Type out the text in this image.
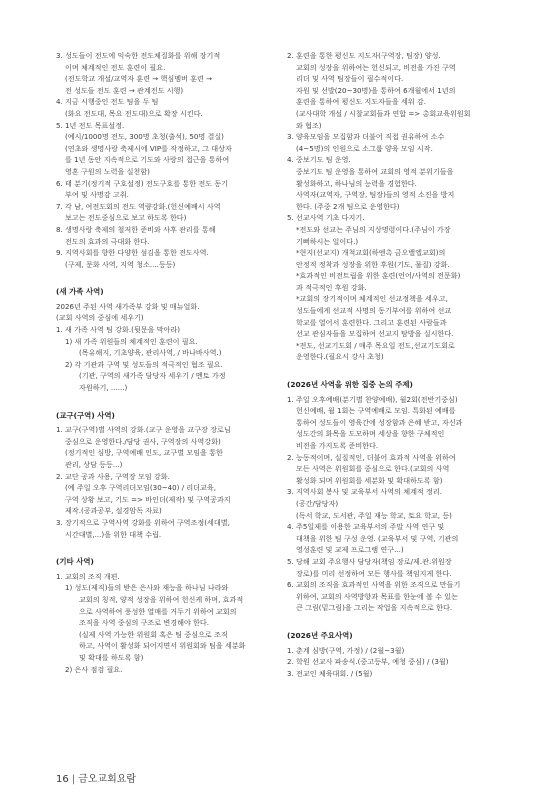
3. 성도들이 전도에 익숙한 전도체질화를 위해 장기적
이며 체계적인 전도 훈련이 필요.
(전도학교 개설/교역자 훈련 → 핵심멤버 훈련 →
전 성도들 전도 훈련 → 관계전도 시행)
4. 지금 시행중인 전도 팀을 두 팀
(화요 전도대, 목요 전도대)으로 확장 시킨다.
5. 1년 전도 목표설정.
(예시/1000명 전도, 300명 초청(출석), 50명 결실)
(연초와 생명사랑 축제시에 VIP를 작정하고, 그 대상자
를 1년 동안 지속적으로 기도와 사랑의 접근을 통하여
영혼 구원의 노력을 실천함)
6. 태 분기(정기적 구호설정) 전도구호를 통한 전도 동기
부여 및 사명감 고취.
7. 각 남, 여전도회의 전도 역량강화.(헌신예배시 사역
보고는 전도중심으로 보고 하도록 한다)
8. 생명사랑 축제의 철저한 준비와 사후 관리를 통해
전도의 효과의 극대화 한다.
9. 지역사회를 향한 다양한 섬김을 통한 전도사역.
(구제, 문화 사역, 지역 청소....등등)
(새 가족 사역)
2026년 주된 사역 새가족부 강화 및 매뉴얼화.
(교회 사역의 중심에 세우기)
1. 새 가족 사역 팀 강화.(뒷문을 막아라)
1) 새 가족 위원들의 체계적인 훈련이 필요.
(목유해지, 기초양육, 관리사역, / 바나바사역.)
2) 각 기관과 구역 및 성도들의 적극적인 협조 필요.
(기관, 구역의 새가족 담당자 세우기 / 멘토 가정
자원하기, ......)
(교구(구역) 사역)
1. 교구(구역)별 사역의 강화.(교구 운영을 교구장 장로님
중심으로 운영한다./담당 권사, 구역장의 사역강화)
(정기적인 심방, 구역예배 인도, 교구별 모임을 통한
관리, 상담 등등...)
2. 교단 공과 사용, 구역장 모임 강화.
(예 주일 오후 구역리더모임(30~40) / 리더교육,
구역 상황 보고, 기도 => 바인더(제작) 및 구역공과지
제작.(공과공부, 설경암독 자료)
3. 장기적으로 구역사역 강화를 위하여 구역조정(세대별,
시간대별,...)을 위한 대책 수립.
(기타 사역)
1. 교회의 조직 개편.
1) 성도(제직)들의 받은 은사와 재능을 하나님 나라와
교회의 칭적, 양적 성장을 위하여 헌신케 하며, 효과적
으로 사역하여 풍성한 열매를 거두기 위하여 교회의
조직을 사역 중심의 구조로 변경해야 한다.
(실제 사역 가능한 위원회 혹은 팀 중심으로 조직
하고, 사역이 활성화 되어지면서 위원회와 팀을 세분화
및 확대를 하도록 함)
2) 은사 점검 필요.
2. 훈련을 통한 평신도 지도자(구역장, 팀장) 양성.
교회의 성장을 위하여는 헌신되고, 비전을 가진 구역
리더 및 사역 팀장들이 필수적이다.
자원 및 선발(20~30명)을 통하여 6개월에서 1년의
훈련을 통하여 평신도 지도자들을 세워 감.
(교사대학 개설 / 시찰교회들과 연합 => 총회교육위원회
와 협조)
3. 양육모임을 모집함과 더불어 직접 권유하여 소수
(4~5명)의 인원으로 소그룹 양육 모임 시작.
4. 중보기도 팀 운영.
중보기도 팀 운영을 통하여 교회의 영적 분위기들을
활성화하고, 하나님의 능력을 경험한다.
사역자(교역자, 구역장, 팀장)들의 영적 소진을 방지
한다. (주중 2개 팀으로 운영한다)
5. 선교사역 기초 다지기.
*전도와 선교는 주님의 지상명령이다.(주님이 가장
기뻐하시는 일이다.)
*현지(선교지) 개척교회(하엔촉 금오밸엘교회)의
안정적 정착과 성장을 위한 후원(기도, 물질) 강화.
*효과적인 비전트립을 위한 훈련(언어/사역의 전문화)
과 적극적인 후원 강화.
*교회의 장기적이며 체계적인 선교정책을 세우고,
성도들에게 선교적 사명의 동기부여를 위하여 선교
학교를 열어서 훈련한다. 그리고 훈련된 사람들과
선교 관심자들을 모집하여 선교지 탐방을 실시한다.
*전도, 선교기도회 / 매주 목요일 전도,선교기도회로
운영한다.(필요시 강사 초청)
(2026년 사역을 위한 집중 논의 주제)
1. 주일 오후예배(분기별 찬양예배), 월2회(전반기중심)
헌신예배, 월 1회는 구역예배로 모임. 특화된 예배를
통하여 성도들이 영육간에 성장함과 은혜 받고, 자신과
성도간의 화목을 도모하며 세상을 향한 구체적인
비전을 가지도록 준비한다.
2. 능동적이며, 실질적인, 더불어 효과적 사역을 위하여
모든 사역은 위원회를 중심으로 한다.(교회의 사역
활성화 되며 위원회를 세분화 및 확대하도록 함)
3. 지역사회 봉사 및 교육부서 사역의 체계적 정리.
(공간/담당자)
(독서 학교, 도서관, 주일 재능 학교, 토요 학교, 등)
4. 주5일제를 이용한 교육부서의 주말 사역 연구 및
대책을 위한 팀 구성 운영. (교육부서 및 구역, 기관의
영성훈련 및 교제 프로그램 연구...)
5. 당해 교회 주요행사 담당자(책임 장로/제.관.위원장
장로)를 미리 선정하여 모든 행사를 책임지게 한다.
6. 교회의 조직을 효과적인 사역을 위한 조직으로 만들기
위하여, 교회의 사역방향과 목표를 한눈에 볼 수 있는
큰 그림(밑그림)을 그리는 작업을 지속적으로 한다.
(2026년 주요사역)
1. 춘계 심방(구역, 가정) / (2월~3월)
2. 학원 선교사 파송식.(중고등부, 예청 중심) / (3월)
3. 전교인 체육대회. / (5월)
16 | 금오교회요람
